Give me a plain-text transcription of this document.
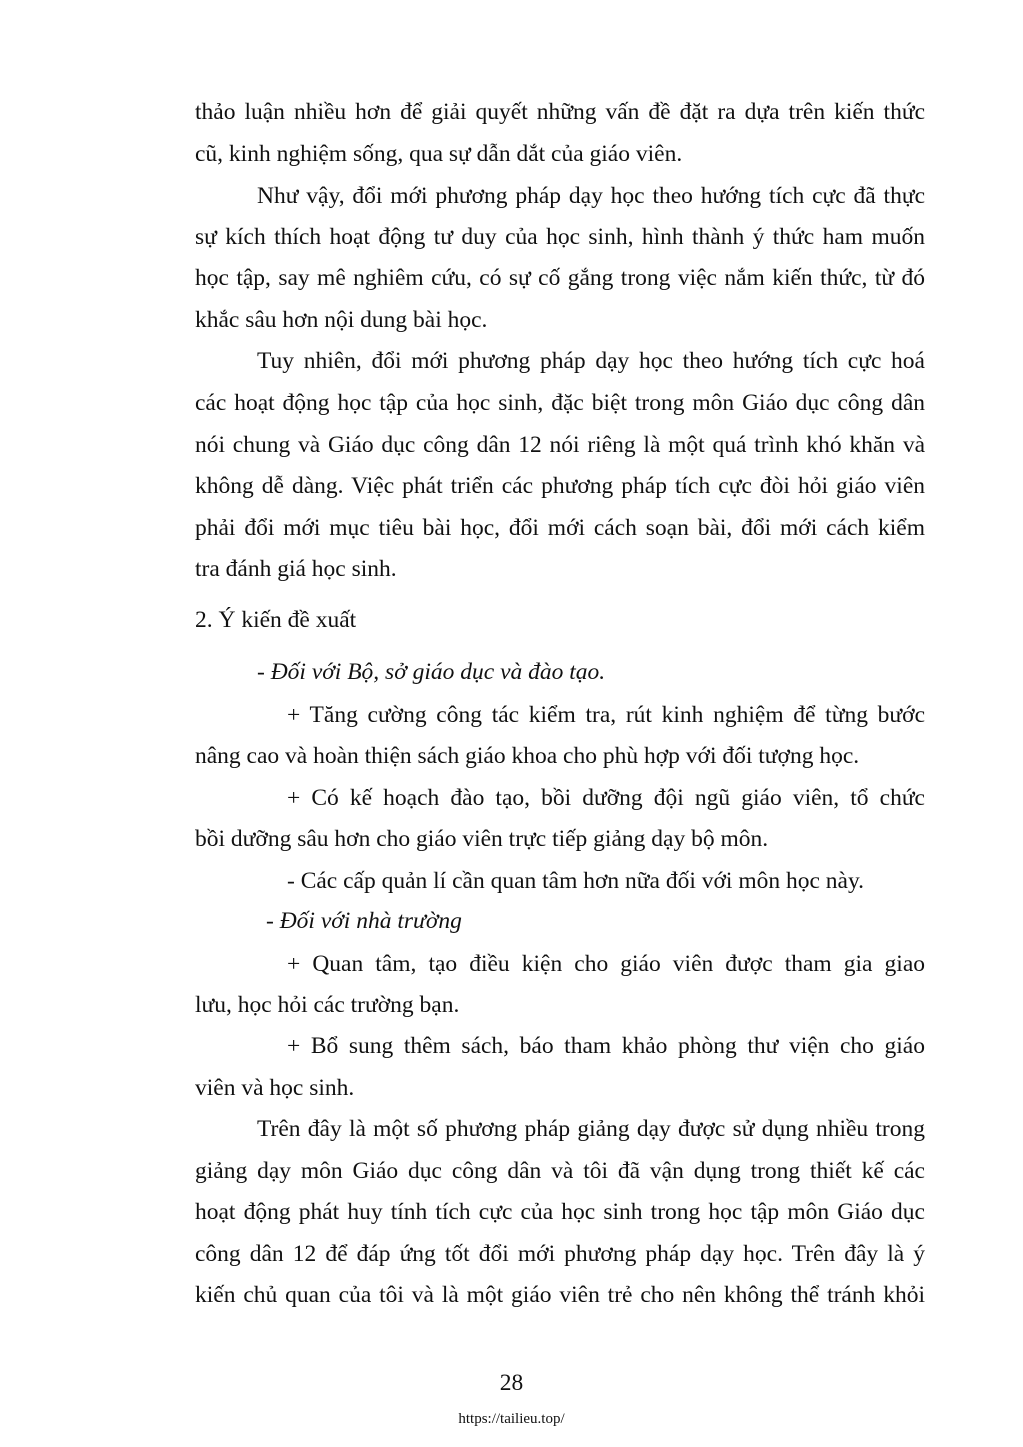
thảo luận nhiều hơn để giải quyết những vấn đề đặt ra dựa trên kiến thức
cũ, kinh nghiệm sống, qua sự dẫn dắt của giáo viên.
Như vậy, đổi mới phương pháp dạy học theo hướng tích cực đã thực
sự kích thích hoạt động tư duy của học sinh, hình thành ý thức ham muốn
học tập, say mê nghiêm cứu, có sự cố gắng trong việc nắm kiến thức, từ đó
khắc sâu hơn nội dung bài học.
Tuy nhiên, đổi mới phương pháp dạy học theo hướng tích cực hoá
các hoạt động học tập của học sinh, đặc biệt trong môn Giáo dục công dân
nói chung và Giáo dục công dân 12 nói riêng là một quá trình khó khăn và
không dễ dàng. Việc phát triển các phương pháp tích cực đòi hỏi giáo viên
phải đổi mới mục tiêu bài học, đổi mới cách soạn bài, đổi mới cách kiểm
tra đánh giá học sinh.
2. Ý kiến đề xuất
- Đối với Bộ, sở giáo dục và đào tạo.
+ Tăng cường công tác kiểm tra, rút kinh nghiệm để từng bước
nâng cao và hoàn thiện sách giáo khoa cho phù hợp với đối tượng học.
+ Có kế hoạch đào tạo, bồi dưỡng đội ngũ giáo viên, tổ chức
bồi dưỡng sâu hơn cho giáo viên trực tiếp giảng dạy bộ môn.
- Các cấp quản lí cần quan tâm hơn nữa đối với môn học này.
- Đối với nhà trường
+ Quan tâm, tạo điều kiện cho giáo viên được tham gia giao
lưu, học hỏi các trường bạn.
+ Bổ sung thêm sách, báo tham khảo phòng thư viện cho giáo
viên và học sinh.
Trên đây là một số phương pháp giảng dạy được sử dụng nhiều trong
giảng dạy môn Giáo dục công dân và tôi đã vận dụng trong thiết kế các
hoạt động phát huy tính tích cực của học sinh trong học tập môn Giáo dục
công dân 12 để đáp ứng tốt đổi mới phương pháp dạy học. Trên đây là ý
kiến chủ quan của tôi và là một giáo viên trẻ cho nên không thể tránh khỏi
28
https://tailieu.top/
